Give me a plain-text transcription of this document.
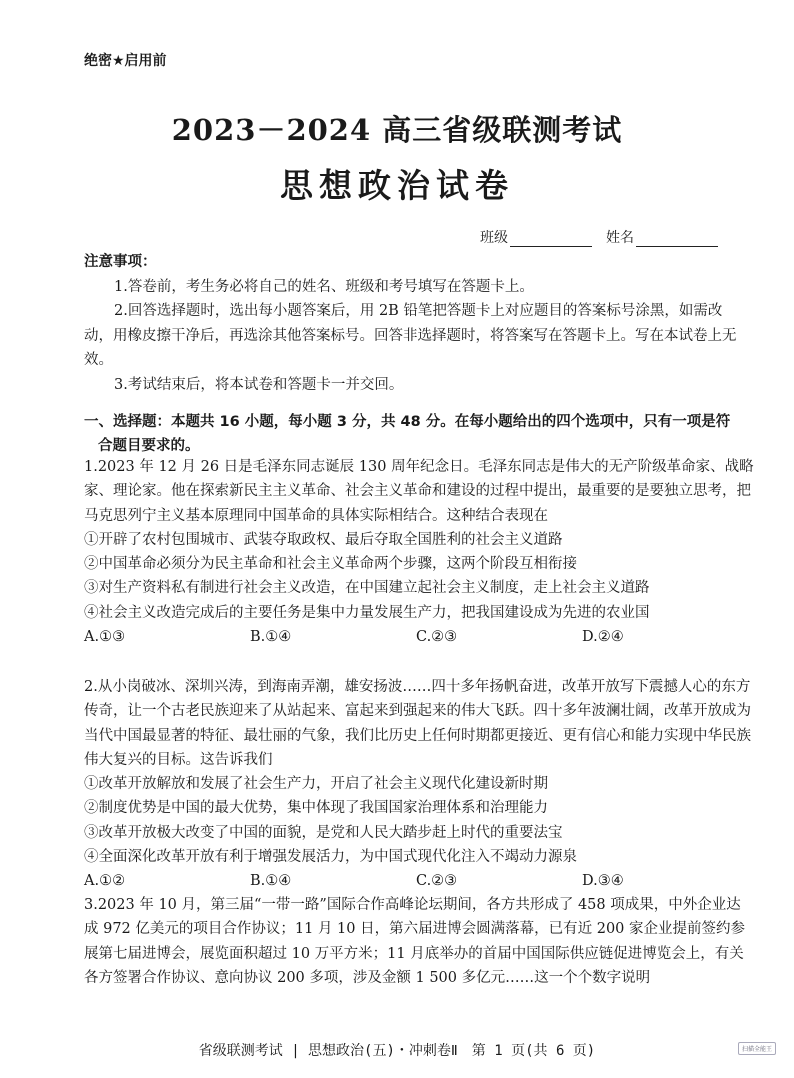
绝密★启用前
2023－2024 高三省级联测考试
思想政治试卷
班级	姓名
注意事项：
1.答卷前，考生务必将自己的姓名、班级和考号填写在答题卡上。
2.回答选择题时，选出每小题答案后，用 2B 铅笔把答题卡上对应题目的答案标号涂黑，如需改动，用橡皮擦干净后，再选涂其他答案标号。回答非选择题时，将答案写在答题卡上。写在本试卷上无效。
3.考试结束后，将本试卷和答题卡一并交回。
一、选择题：本题共 16 小题，每小题 3 分，共 48 分。在每小题给出的四个选项中，只有一项是符
合题目要求的。

1.2023 年 12 月 26 日是毛泽东同志诞辰 130 周年纪念日。毛泽东同志是伟大的无产阶级革命家、战略家、理论家。他在探索新民主主义革命、社会主义革命和建设的过程中提出，最重要的是要独立思考，把马克思列宁主义基本原理同中国革命的具体实际相结合。这种结合表现在

①开辟了农村包围城市、武装夺取政权、最后夺取全国胜利的社会主义道路

②中国革命必须分为民主革命和社会主义革命两个步骤，这两个阶段互相衔接

③对生产资料私有制进行社会主义改造，在中国建立起社会主义制度，走上社会主义道路

④社会主义改造完成后的主要任务是集中力量发展生产力，把我国建设成为先进的农业国

A.①③	B.①④	C.②③	D.②④

2.从小岗破冰、深圳兴涛，到海南弄潮，雄安扬波……四十多年扬帆奋进，改革开放写下震撼人心的东方传奇，让一个古老民族迎来了从站起来、富起来到强起来的伟大飞跃。四十多年波澜壮阔，改革开放成为当代中国最显著的特征、最壮丽的气象，我们比历史上任何时期都更接近、更有信心和能力实现中华民族伟大复兴的目标。这告诉我们

①改革开放解放和发展了社会生产力，开启了社会主义现代化建设新时期

②制度优势是中国的最大优势，集中体现了我国国家治理体系和治理能力

③改革开放极大改变了中国的面貌，是党和人民大踏步赶上时代的重要法宝

④全面深化改革开放有利于增强发展活力，为中国式现代化注入不竭动力源泉

A.①②	B.①④	C.②③	D.③④

3.2023 年 10 月，第三届“一带一路”国际合作高峰论坛期间，各方共形成了 458 项成果，中外企业达成 972 亿美元的项目合作协议；11 月 10 日，第六届进博会圆满落幕，已有近 200 家企业提前签约参展第七届进博会，展览面积超过 10 万平方米；11 月底举办的首届中国国际供应链促进博览会上，有关各方签署合作协议、意向协议 200 多项，涉及金额 1 500 多亿元……这一个个数字说明

省级联测考试 | 思想政治(五)・冲刺卷Ⅱ　第 1 页(共 6 页)	扫描全能王
